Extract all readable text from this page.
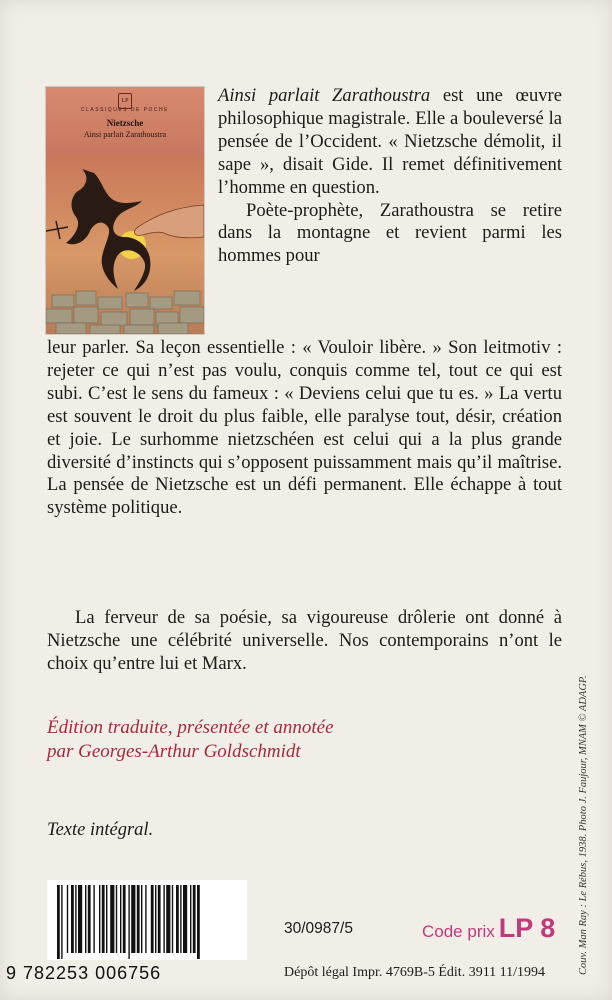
LP
CLASSIQUES DE POCHE
Nietzsche
Ainsi parlait Zarathoustra

Ainsi parlait Zarathoustra est une œuvre philosophique magistrale. Elle a bouleversé la pensée de l’Occident. « Nietzsche démolit, il sape », disait Gide. Il remet définitivement l’homme en question.

Poète-prophète, Zarathoustra se retire dans la montagne et revient parmi les hommes pour

leur parler. Sa leçon essentielle : « Vouloir libère. » Son leitmotiv : rejeter ce qui n’est pas voulu, conquis comme tel, tout ce qui est subi. C’est le sens du fameux : « Deviens celui que tu es. » La vertu est souvent le droit du plus faible, elle paralyse tout, désir, création et joie. Le surhomme nietzschéen est celui qui a la plus grande diversité d’instincts qui s’opposent puissamment mais qu’il maîtrise. La pensée de Nietzsche est un défi permanent. Elle échappe à tout système politique.

La ferveur de sa poésie, sa vigoureuse drôlerie ont donné à Nietzsche une célébrité universelle. Nos contemporains n’ont le choix qu’entre lui et Marx.

Édition traduite, présentée et annotée
par Georges-Arthur Goldschmidt
Texte intégral.	Couv. Man Ray : Le Rébus, 1938. Photo J. Faujour, MNAM © ADAGP.
9 782253 006756
30/0987/5	Code prix LP 8
Dépôt légal Impr. 4769B-5 Édit. 3911 11/1994
